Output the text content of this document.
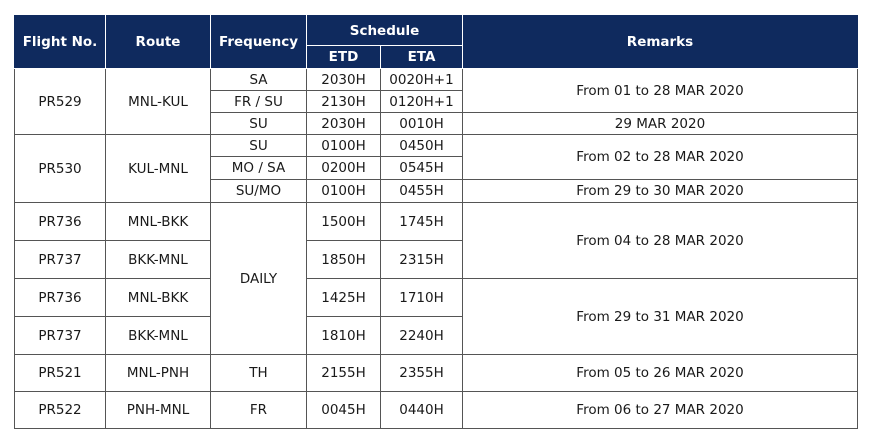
Flight No.	Route	Frequency	Schedule		Remarks
			ETD	ETA	
PR529	MNL-KUL	SA	2030H	0020H+1	From 01 to 28 MAR 2020
		FR / SU	2130H	0120H+1	
		SU	2030H	0010H	29 MAR 2020
PR530	KUL-MNL	SU	0100H	0450H	From 02 to 28 MAR 2020
		MO / SA	0200H	0545H	
		SU/MO	0100H	0455H	From 29 to 30 MAR 2020
PR736	MNL-BKK	DAILY	1500H	1745H	From 04 to 28 MAR 2020
PR737	BKK-MNL		1850H	2315H	
PR736	MNL-BKK		1425H	1710H	From 29 to 31 MAR 2020
PR737	BKK-MNL		1810H	2240H	
PR521	MNL-PNH	TH	2155H	2355H	From 05 to 26 MAR 2020
PR522	PNH-MNL	FR	0045H	0440H	From 06 to 27 MAR 2020
